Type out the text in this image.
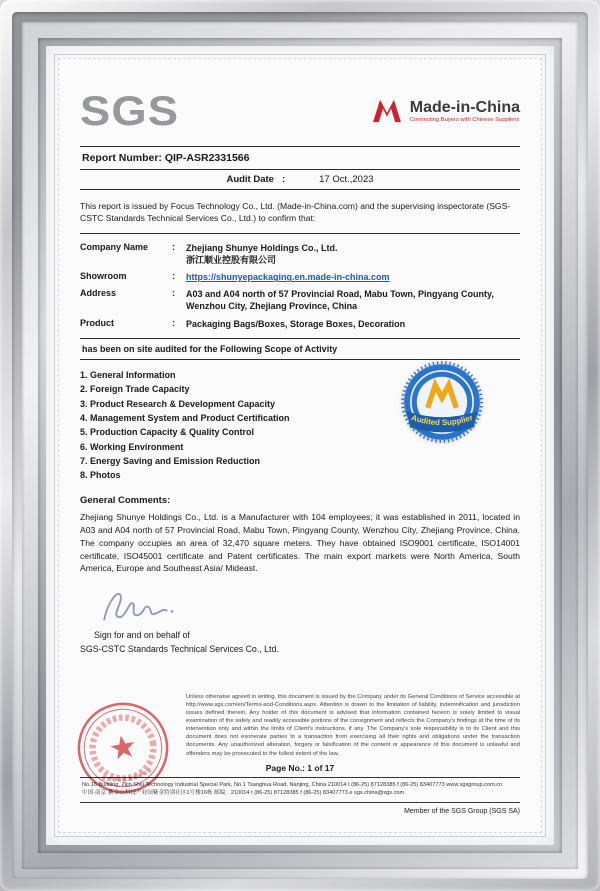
SGS	Made-in-China
Connecting Buyers with Chinese Suppliers
Report Number: QIP-ASR2331566
Audit Date :	17 Oct.,2023

This report is issued by Focus Technology Co., Ltd. (Made-in-China.com) and the supervising inspectorate (SGS-CSTC Standards Technical Services Co., Ltd.) to confirm that:

Company Name	:	Zhejiang Shunye Holdings Co., Ltd.
浙江顺业控股有限公司
Showroom	:	https://shunyepackaging.en.made-in-china.com
Address	:	A03 and A04 north of 57 Provincial Road, Mabu Town, Pingyang County, Wenzhou City, Zhejiang Province, China
Product	:	Packaging Bags/Boxes, Storage Boxes, Decoration
has been on site audited for the Following Scope of Activity
1. General Information
2. Foreign Trade Capacity
3. Product Research & Development Capacity
4. Management System and Product Certification
5. Production Capacity & Quality Control
6. Working Environment
7. Energy Saving and Emission Reduction
8. Photos
Audited Supplier
General Comments:

Zhejiang Shunye Holdings Co., Ltd. is a Manufacturer with 104 employees; it was established in 2011, located in A03 and A04 north of 57 Provincial Road, Mabu Town, Pingyang County, Wenzhou City, Zhejiang Province, China. The company occupies an area of 32,470 square meters. They have obtained ISO9001 certificate, ISO14001 certificate, ISO45001 certificate and Patent certificates. The main export markets were North America, South America, Europe and Southeast Asia/ Mideast.

Sign for and on behalf of
SGS-CSTC Standards Technical Services Co., Ltd.

Unless otherwise agreed in writing, this document is issued by the Company under its General Conditions of Service accessible at http://www.sgs.com/en/Terms-and-Conditions.aspx. Attention is drawn to the limitation of liability, indemnification and jurisdiction issues defined therein. Any holder of this document is advised that information contained hereon is solely limited to visual examination of the safely and readily accessible portions of the consignment and reflects the Company's findings at the time of its intervention only and within the limits of Client's instructions, if any. The Company's sole responsibility is to its Client and this document does not exonerate parties to a transaction from exercising all their rights and obligations under the transaction documents. Any unauthorized alteration, forgery or falsification of the content or appearance of this document is unlawful and offenders may be prosecuted to the fullest extent of the law.

Page No.: 1 of 17
No.16 Building, Zijin Shiji Technology Industrial Special Park, No.1 Tsanghua Road, Nanjing, China 210014 t (86-25) 87128385 f (86-25) 83407773 www.sgsgroup.com.cn
中国·南京·紫金山科技产业园紫金特别社区1号楼16栋 邮编：210014 t (86-25) 87128385 f (86-25) 83407773 e sgs.china@sgs.com
Member of the SGS Group (SGS SA)
